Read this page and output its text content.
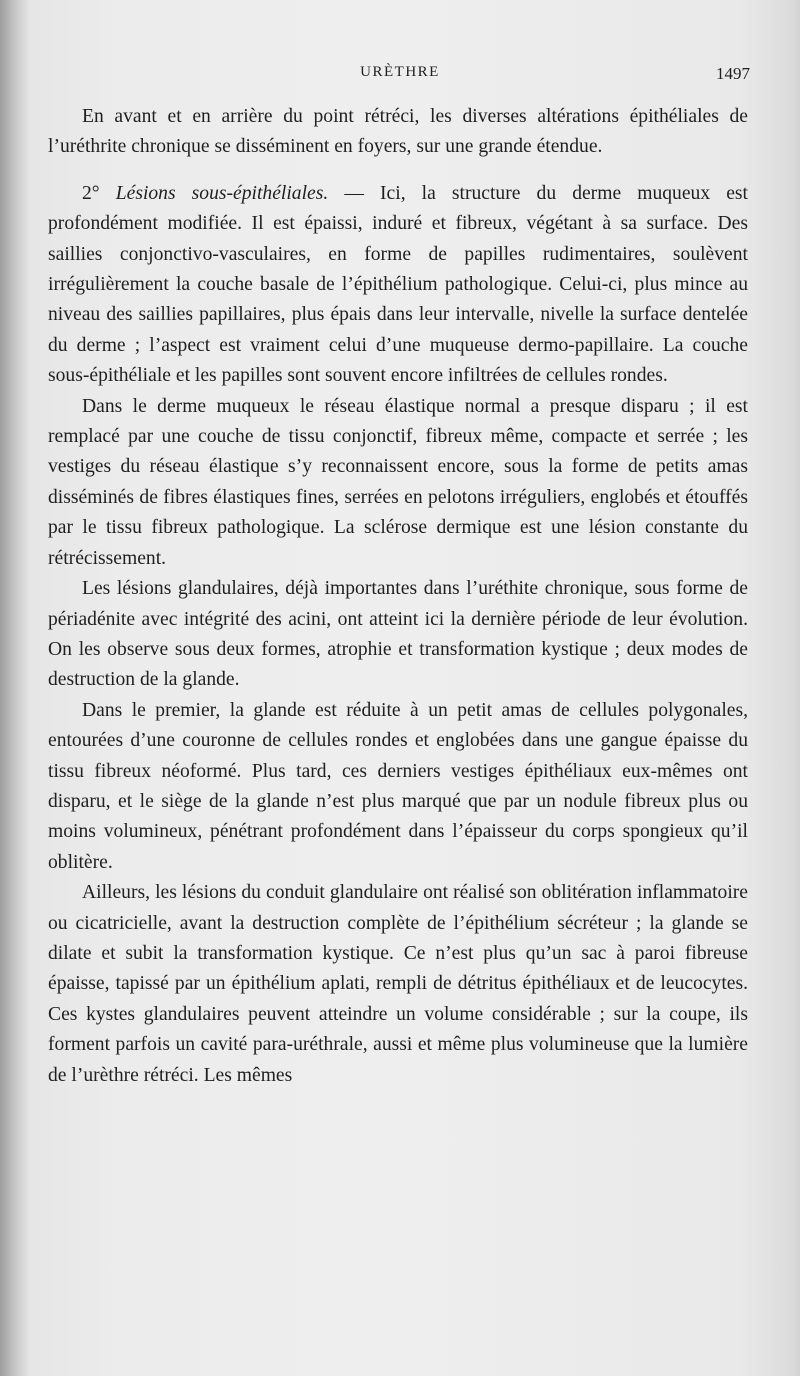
URÈTHRE	1497

En avant et en arrière du point rétréci, les diverses altérations épithéliales de l’uréthrite chronique se disséminent en foyers, sur une grande étendue.

2° Lésions sous-épithéliales. — Ici, la structure du derme muqueux est profondément modifiée. Il est épaissi, induré et fibreux, végétant à sa surface. Des saillies conjonctivo-vasculaires, en forme de papilles rudimentaires, soulèvent irrégulièrement la couche basale de l’épithélium pathologique. Celui-ci, plus mince au niveau des saillies papillaires, plus épais dans leur intervalle, nivelle la surface dentelée du derme ; l’aspect est vraiment celui d’une muqueuse dermo-papillaire. La couche sous-épithéliale et les papilles sont souvent encore infiltrées de cellules rondes.

Dans le derme muqueux le réseau élastique normal a presque disparu ; il est remplacé par une couche de tissu conjonctif, fibreux même, compacte et serrée ; les vestiges du réseau élastique s’y reconnaissent encore, sous la forme de petits amas disséminés de fibres élastiques fines, serrées en pelotons irréguliers, englobés et étouffés par le tissu fibreux pathologique. La sclérose dermique est une lésion constante du rétrécissement.

Les lésions glandulaires, déjà importantes dans l’uréthite chronique, sous forme de périadénite avec intégrité des acini, ont atteint ici la dernière période de leur évolution. On les observe sous deux formes, atrophie et transformation kystique ; deux modes de destruction de la glande.

Dans le premier, la glande est réduite à un petit amas de cellules polygonales, entourées d’une couronne de cellules rondes et englobées dans une gangue épaisse du tissu fibreux néoformé. Plus tard, ces derniers vestiges épithéliaux eux-mêmes ont disparu, et le siège de la glande n’est plus marqué que par un nodule fibreux plus ou moins volumineux, pénétrant profondément dans l’épaisseur du corps spongieux qu’il oblitère.

Ailleurs, les lésions du conduit glandulaire ont réalisé son oblitération inflammatoire ou cicatricielle, avant la destruction complète de l’épithélium sécréteur ; la glande se dilate et subit la transformation kystique. Ce n’est plus qu’un sac à paroi fibreuse épaisse, tapissé par un épithélium aplati, rempli de détritus épithéliaux et de leucocytes. Ces kystes glandulaires peuvent atteindre un volume considérable ; sur la coupe, ils forment parfois un cavité para-uréthrale, aussi et même plus volumineuse que la lumière de l’urèthre rétréci. Les mêmes
